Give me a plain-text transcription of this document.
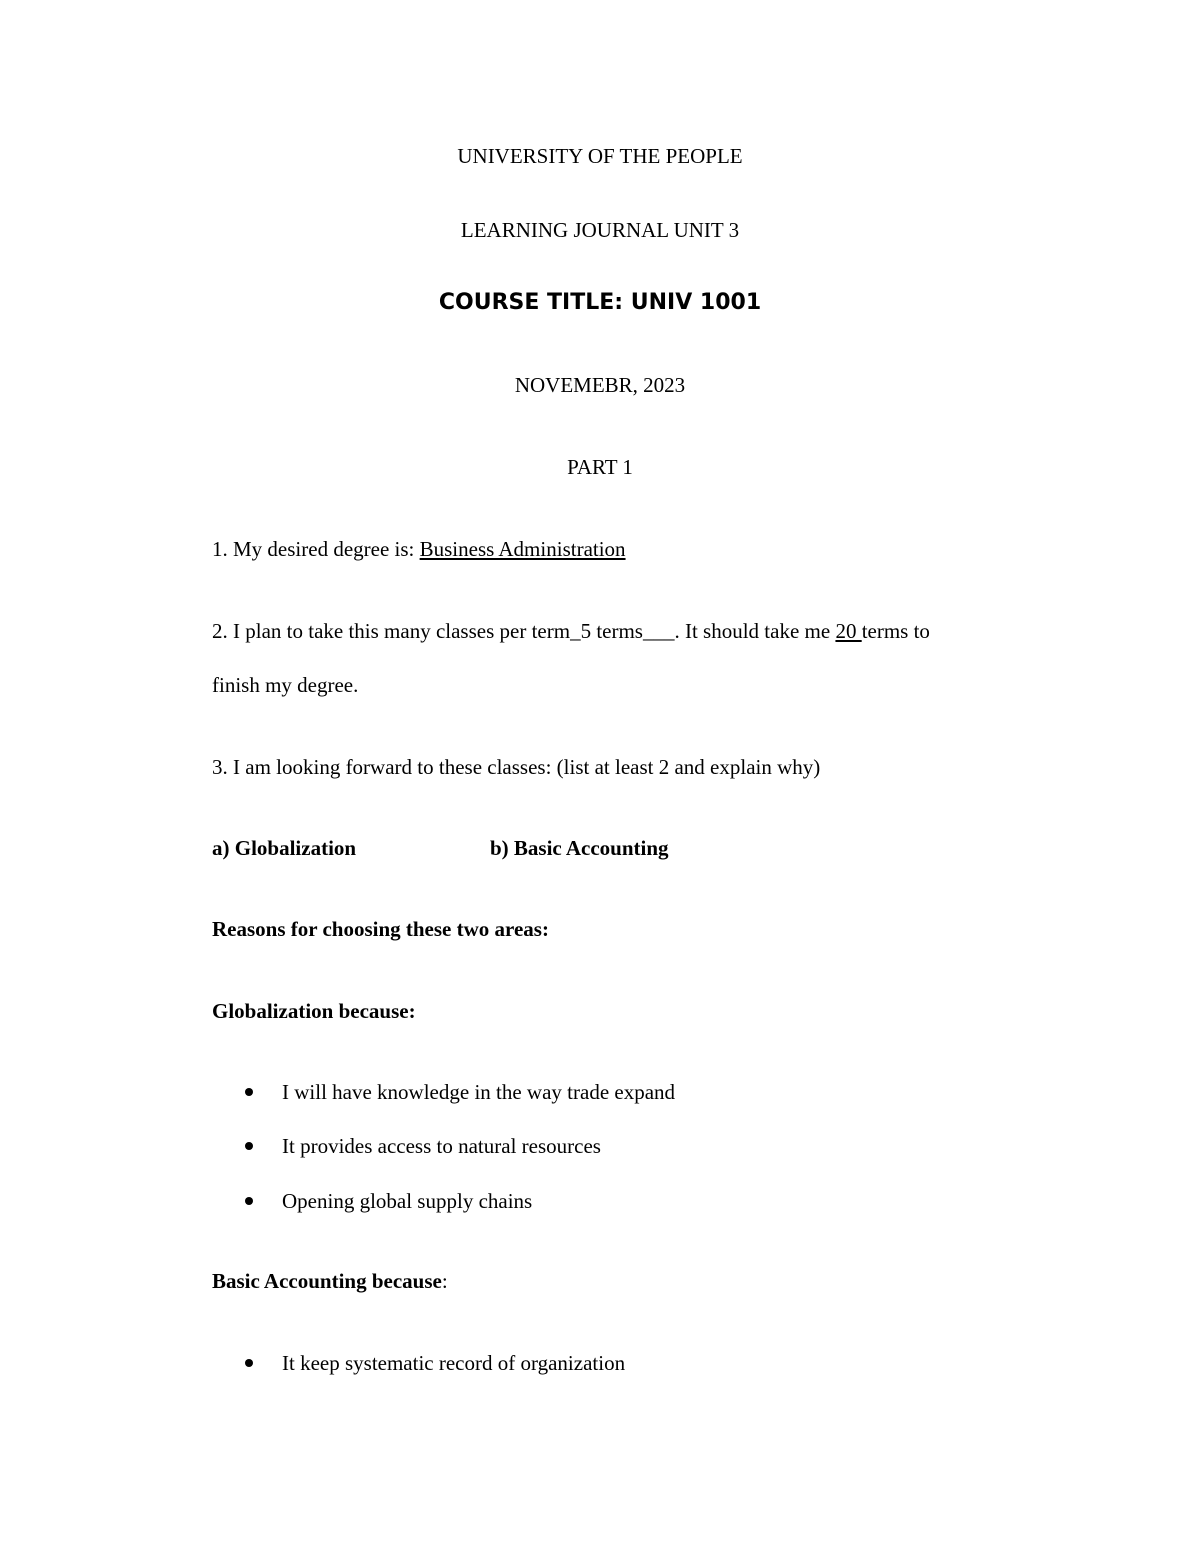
UNIVERSITY OF THE PEOPLE
LEARNING JOURNAL UNIT 3
COURSE TITLE: UNIV 1001
NOVEMEBR, 2023
PART 1
1. My desired degree is: Business Administration
2. I plan to take this many classes per term_5 terms___. It should take me 20 terms to
finish my degree.
3. I am looking forward to these classes: (list at least 2 and explain why)
a) Globalization	b) Basic Accounting
Reasons for choosing these two areas:
Globalization because:
I will have knowledge in the way trade expand
It provides access to natural resources
Opening global supply chains
Basic Accounting because:
It keep systematic record of organization
